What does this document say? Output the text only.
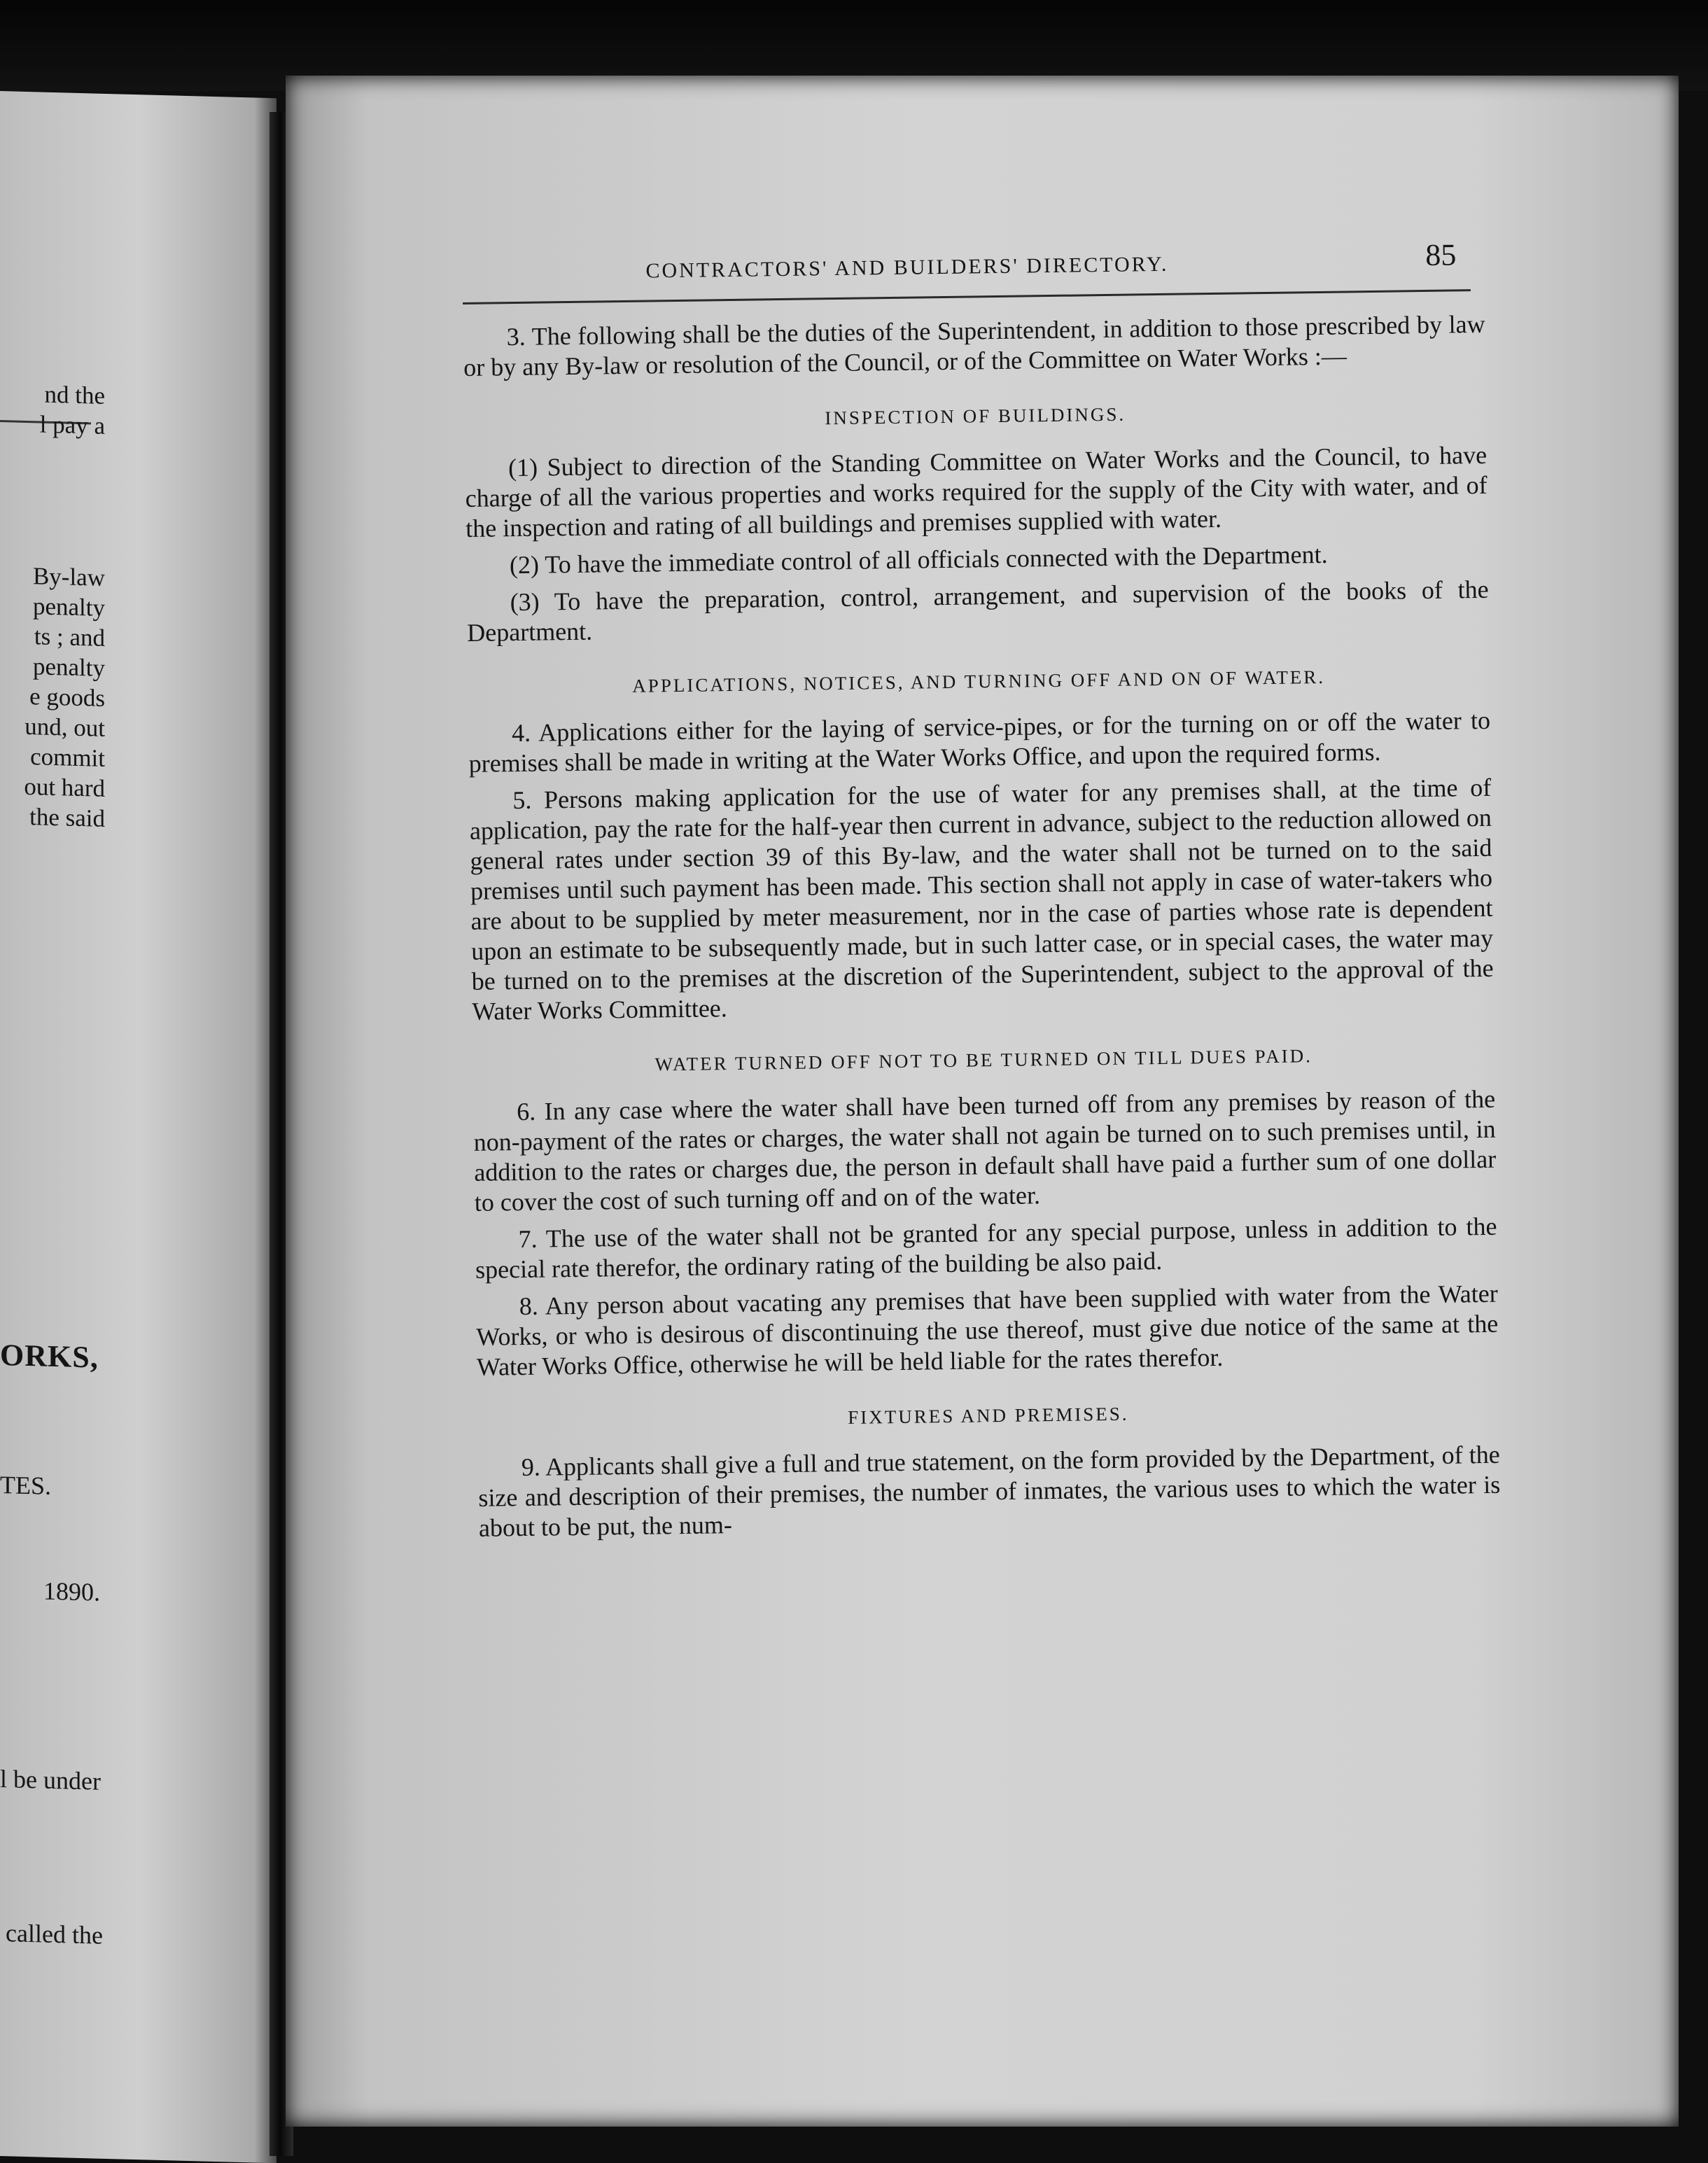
nd the
l pay a
By-law
penalty
ts ; and
penalty
e goods
und, out
commit
out hard
the said
ORKS,
TES.
1890.
l be under
called the
CONTRACTORS' AND BUILDERS' DIRECTORY.	85

3. The following shall be the duties of the Superintendent, in addition to those prescribed by law or by any By-law or resolution of the Council, or of the Committee on Water Works :—

INSPECTION OF BUILDINGS.

(1) Subject to direction of the Standing Committee on Water Works and the Council, to have charge of all the various properties and works required for the supply of the City with water, and of the inspection and rating of all buildings and premises supplied with water.

(2) To have the immediate control of all officials connected with the Department.

(3) To have the preparation, control, arrangement, and supervision of the books of the Department.

APPLICATIONS, NOTICES, AND TURNING OFF AND ON OF WATER.

4. Applications either for the laying of service-pipes, or for the turning on or off the water to premises shall be made in writing at the Water Works Office, and upon the required forms.

5. Persons making application for the use of water for any premises shall, at the time of application, pay the rate for the half-year then current in advance, subject to the reduction allowed on general rates under section 39 of this By-law, and the water shall not be turned on to the said premises until such payment has been made. This section shall not apply in case of water-takers who are about to be supplied by meter measurement, nor in the case of parties whose rate is dependent upon an estimate to be subsequently made, but in such latter case, or in special cases, the water may be turned on to the premises at the discretion of the Superintendent, subject to the approval of the Water Works Committee.

WATER TURNED OFF NOT TO BE TURNED ON TILL DUES PAID.

6. In any case where the water shall have been turned off from any premises by reason of the non-payment of the rates or charges, the water shall not again be turned on to such premises until, in addition to the rates or charges due, the person in default shall have paid a further sum of one dollar to cover the cost of such turning off and on of the water.

7. The use of the water shall not be granted for any special purpose, unless in addition to the special rate therefor, the ordinary rating of the building be also paid.

8. Any person about vacating any premises that have been supplied with water from the Water Works, or who is desirous of discontinuing the use thereof, must give due notice of the same at the Water Works Office, otherwise he will be held liable for the rates therefor.

FIXTURES AND PREMISES.

9. Applicants shall give a full and true statement, on the form provided by the Department, of the size and description of their premises, the number of inmates, the various uses to which the water is about to be put, the num-
